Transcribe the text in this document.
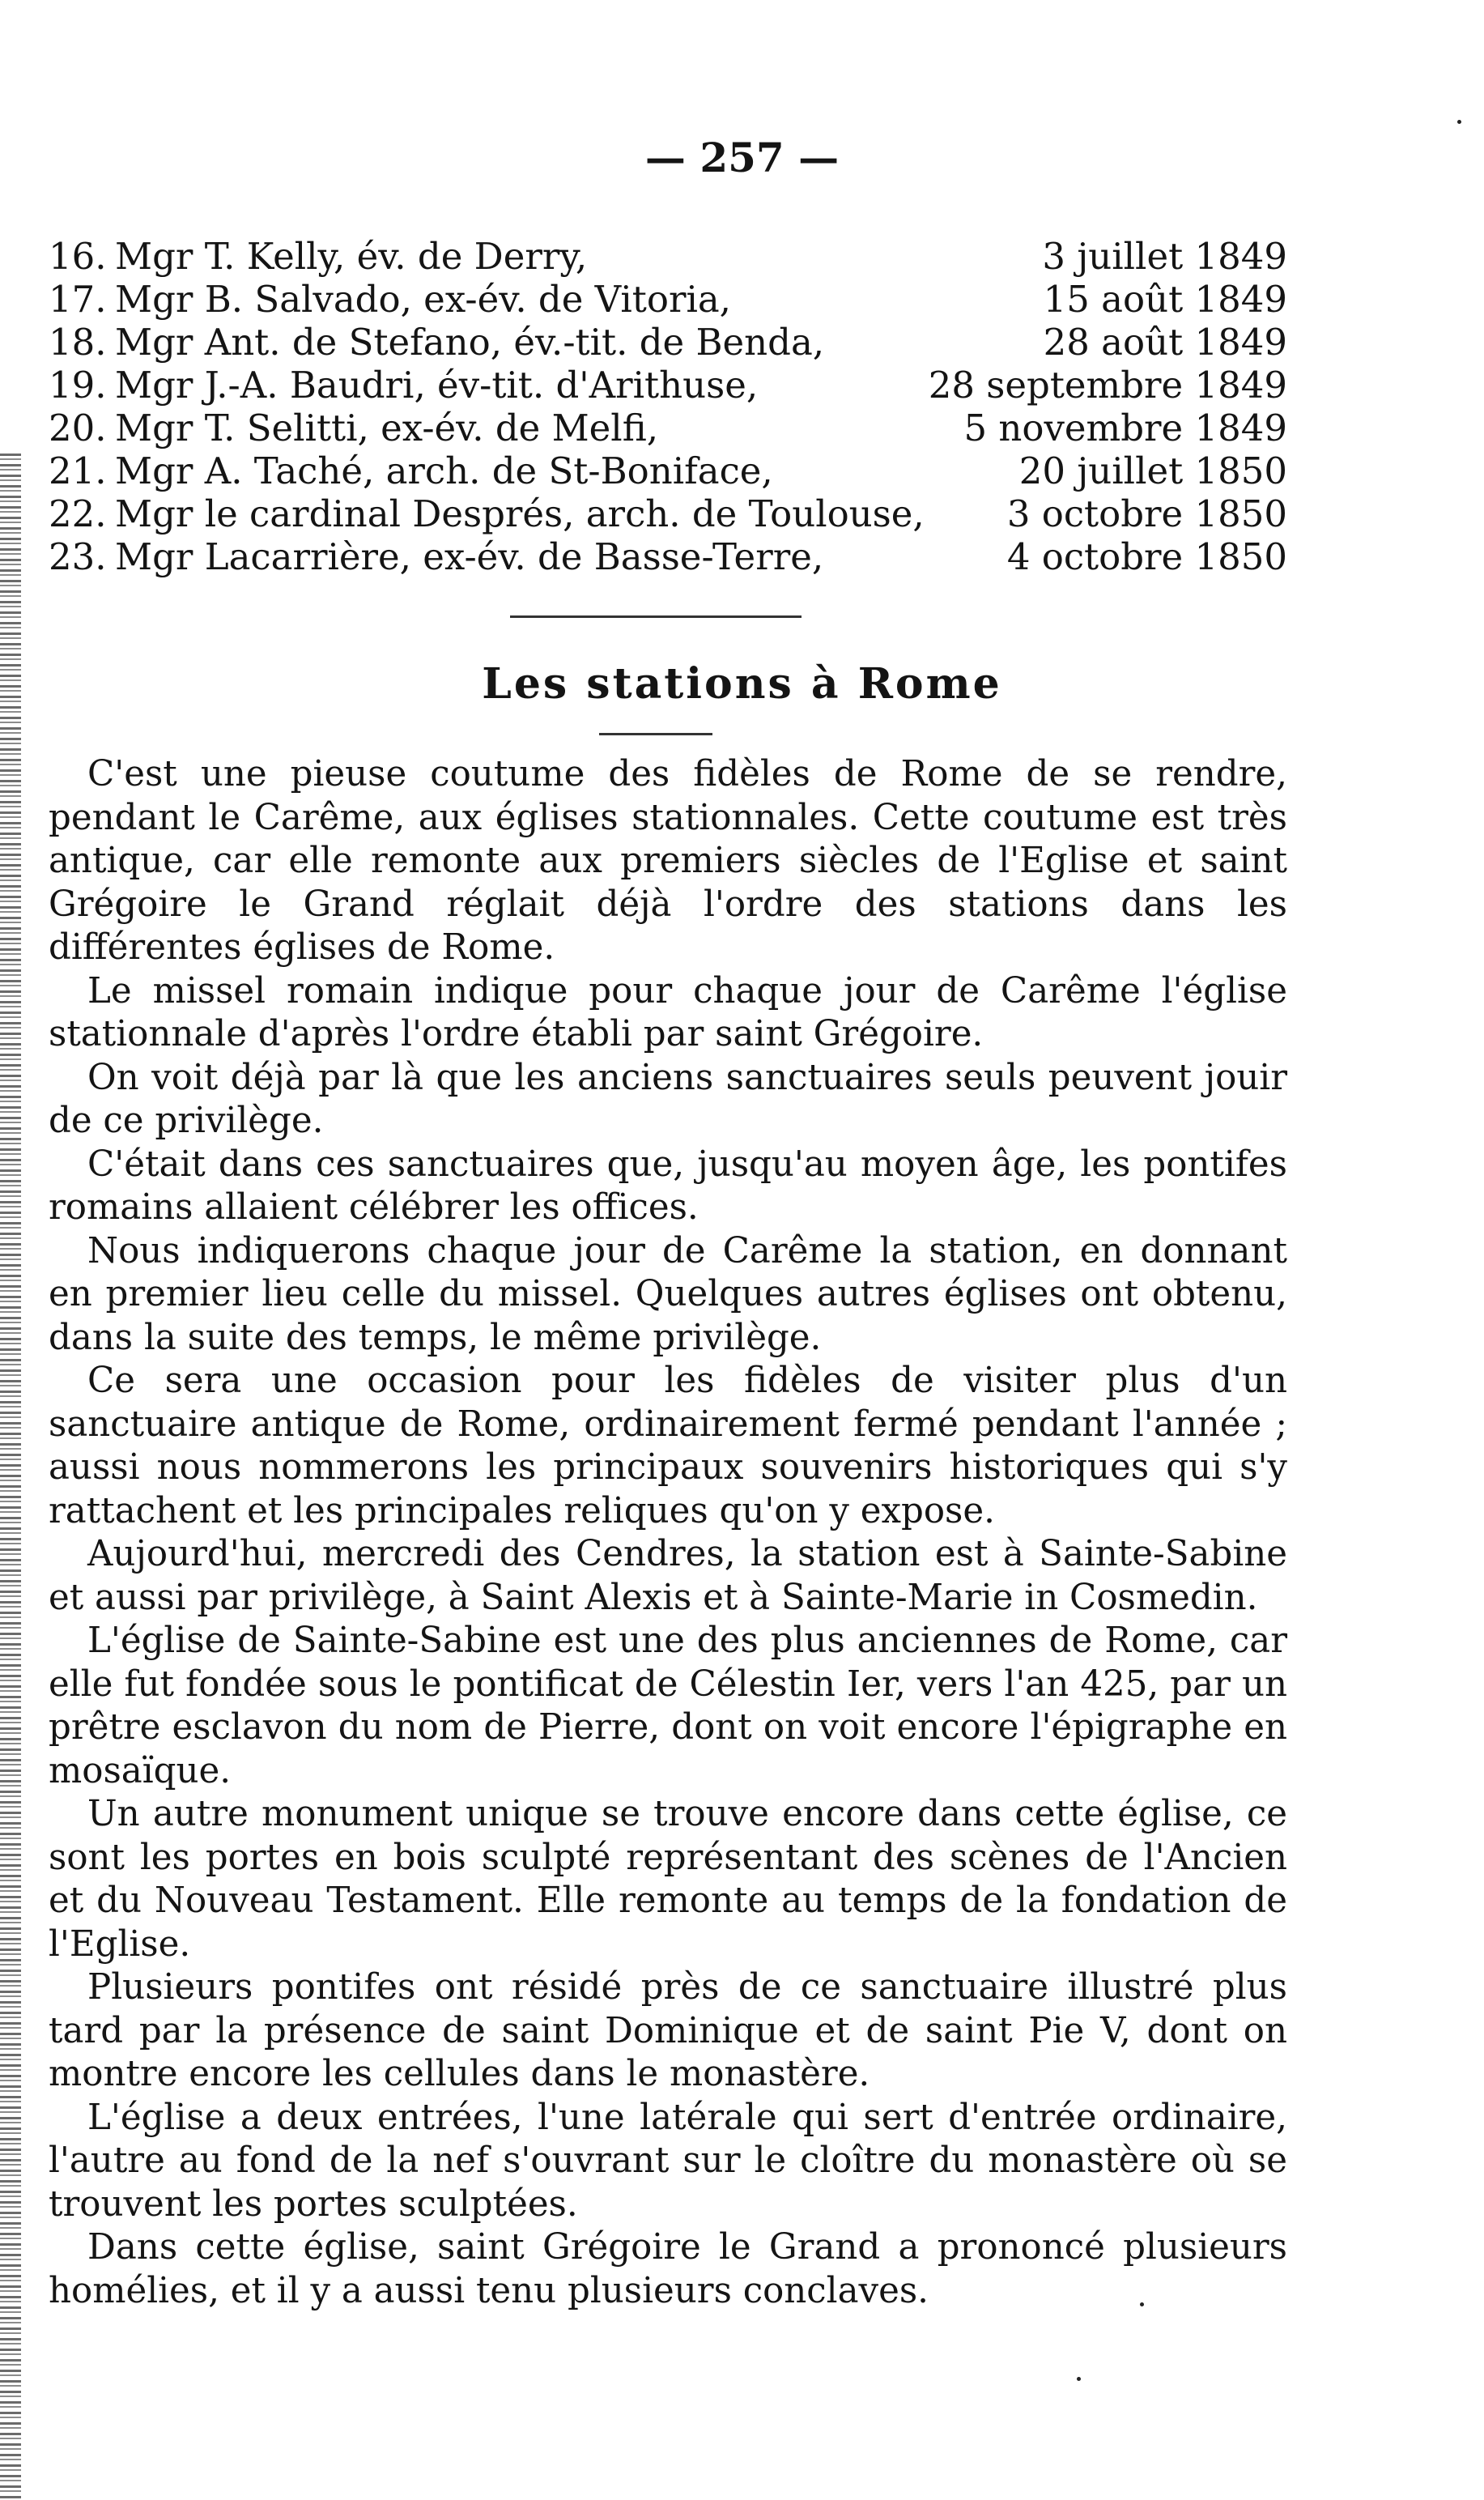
— 257 —
16. Mgr T. Kelly, év. de Derry,	3 juillet 1849
17. Mgr B. Salvado, ex-év. de Vitoria,	15 août 1849
18. Mgr Ant. de Stefano, év.-tit. de Benda,	28 août 1849
19. Mgr J.-A. Baudri, év-tit. d'Arithuse,	28 septembre 1849
20. Mgr T. Selitti, ex-év. de Melfi,	5 novembre 1849
21. Mgr A. Taché, arch. de St-Boniface,	20 juillet 1850
22. Mgr le cardinal Després, arch. de Toulouse,	3 octobre 1850
23. Mgr Lacarrière, ex-év. de Basse-Terre,	4 octobre 1850
Les stations à Rome

C'est une pieuse coutume des fidèles de Rome de se rendre, pendant le Carême, aux églises stationnales. Cette coutume est très antique, car elle remonte aux premiers siècles de l'Eglise et saint Grégoire le Grand réglait déjà l'ordre des stations dans les différentes églises de Rome.

Le missel romain indique pour chaque jour de Carême l'église stationnale d'après l'ordre établi par saint Grégoire.

On voit déjà par là que les anciens sanctuaires seuls peuvent jouir de ce privilège.

C'était dans ces sanctuaires que, jusqu'au moyen âge, les pontifes romains allaient célébrer les offices.

Nous indiquerons chaque jour de Carême la station, en donnant en premier lieu celle du missel. Quelques autres églises ont obtenu, dans la suite des temps, le même privilège.

Ce sera une occasion pour les fidèles de visiter plus d'un sanctuaire antique de Rome, ordinairement fermé pendant l'année ; aussi nous nommerons les principaux souvenirs historiques qui s'y rattachent et les principales reliques qu'on y expose.

Aujourd'hui, mercredi des Cendres, la station est à Sainte-Sabine et aussi par privilège, à Saint Alexis et à Sainte-Marie in Cosmedin.

L'église de Sainte-Sabine est une des plus anciennes de Rome, car elle fut fondée sous le pontificat de Célestin Ier, vers l'an 425, par un prêtre esclavon du nom de Pierre, dont on voit encore l'épigraphe en mosaïque.

Un autre monument unique se trouve encore dans cette église, ce sont les portes en bois sculpté représentant des scènes de l'Ancien et du Nouveau Testament. Elle remonte au temps de la fondation de l'Eglise.

Plusieurs pontifes ont résidé près de ce sanctuaire illustré plus tard par la présence de saint Dominique et de saint Pie V, dont on montre encore les cellules dans le monastère.

L'église a deux entrées, l'une latérale qui sert d'entrée ordinaire, l'autre au fond de la nef s'ouvrant sur le cloître du monastère où se trouvent les portes sculptées.

Dans cette église, saint Grégoire le Grand a prononcé plusieurs homélies, et il y a aussi tenu plusieurs conclaves.
